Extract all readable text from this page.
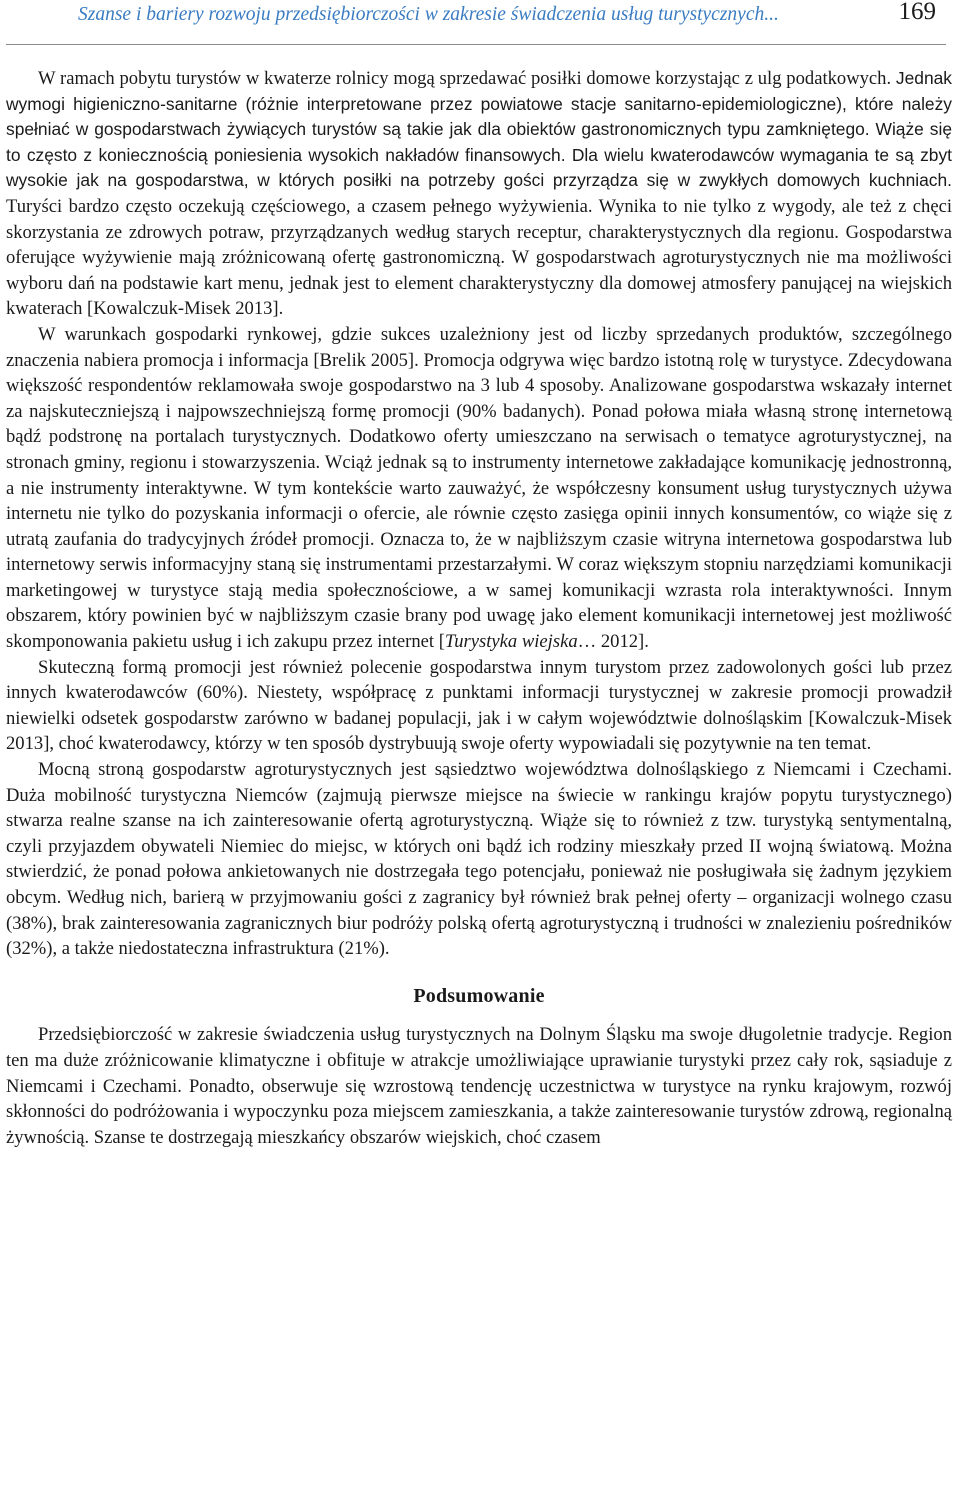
Szanse i bariery rozwoju przedsiębiorczości w zakresie świadczenia usług turystycznych...	169

W ramach pobytu turystów w kwaterze rolnicy mogą sprzedawać posiłki domowe korzystając z ulg podatkowych. Jednak wymogi higieniczno-sanitarne (różnie interpretowane przez powiatowe stacje sanitarno-epidemiologiczne), które należy spełniać w gospodarstwach żywiących turystów są takie jak dla obiektów gastronomicznych typu zamkniętego. Wiąże się to często z koniecznością poniesienia wysokich nakładów finansowych. Dla wielu kwaterodawców wymagania te są zbyt wysokie jak na gospodarstwa, w których posiłki na potrzeby gości przyrządza się w zwykłych domowych kuchniach. Turyści bardzo często oczekują częściowego, a czasem pełnego wyżywienia. Wynika to nie tylko z wygody, ale też z chęci skorzystania ze zdrowych potraw, przyrządzanych według starych receptur, charakterystycznych dla regionu. Gospodarstwa oferujące wyżywienie mają zróżnicowaną ofertę gastronomiczną. W gospodarstwach agroturystycznych nie ma możliwości wyboru dań na podstawie kart menu, jednak jest to element charakterystyczny dla domowej atmosfery panującej na wiejskich kwaterach [Kowalczuk-Misek 2013].

W warunkach gospodarki rynkowej, gdzie sukces uzależniony jest od liczby sprzedanych produktów, szczególnego znaczenia nabiera promocja i informacja [Brelik 2005]. Promocja odgrywa więc bardzo istotną rolę w turystyce. Zdecydowana większość respondentów reklamowała swoje gospodarstwo na 3 lub 4 sposoby. Analizowane gospodarstwa wskazały internet za najskuteczniejszą i najpowszechniejszą formę promocji (90% badanych). Ponad połowa miała własną stronę internetową bądź podstronę na portalach turystycznych. Dodatkowo oferty umieszczano na serwisach o tematyce agroturystycznej, na stronach gminy, regionu i stowarzyszenia. Wciąż jednak są to instrumenty internetowe zakładające komunikację jednostronną, a nie instrumenty interaktywne. W tym kontekście warto zauważyć, że współczesny konsument usług turystycznych używa internetu nie tylko do pozyskania informacji o ofercie, ale równie często zasięga opinii innych konsumentów, co wiąże się z utratą zaufania do tradycyjnych źródeł promocji. Oznacza to, że w najbliższym czasie witryna internetowa gospodarstwa lub internetowy serwis informacyjny staną się instrumentami przestarzałymi. W coraz większym stopniu narzędziami komunikacji marketingowej w turystyce stają media społecznościowe, a w samej komunikacji wzrasta rola interaktywności. Innym obszarem, który powinien być w najbliższym czasie brany pod uwagę jako element komunikacji internetowej jest możliwość skomponowania pakietu usług i ich zakupu przez internet [Turystyka wiejska… 2012].

Skuteczną formą promocji jest również polecenie gospodarstwa innym turystom przez zadowolonych gości lub przez innych kwaterodawców (60%). Niestety, współpracę z punktami informacji turystycznej w zakresie promocji prowadził niewielki odsetek gospodarstw zarówno w badanej populacji, jak i w całym województwie dolnośląskim [Kowalczuk-Misek 2013], choć kwaterodawcy, którzy w ten sposób dystrybuują swoje oferty wypowiadali się pozytywnie na ten temat.

Mocną stroną gospodarstw agroturystycznych jest sąsiedztwo województwa dolnośląskiego z Niemcami i Czechami. Duża mobilność turystyczna Niemców (zajmują pierwsze miejsce na świecie w rankingu krajów popytu turystycznego) stwarza realne szanse na ich zainteresowanie ofertą agroturystyczną. Wiąże się to również z tzw. turystyką sentymentalną, czyli przyjazdem obywateli Niemiec do miejsc, w których oni bądź ich rodziny mieszkały przed II wojną światową. Można stwierdzić, że ponad połowa ankietowanych nie dostrzegała tego potencjału, ponieważ nie posługiwała się żadnym językiem obcym. Według nich, barierą w przyjmowaniu gości z zagranicy był również brak pełnej oferty – organizacji wolnego czasu (38%), brak zainteresowania zagranicznych biur podróży polską ofertą agroturystyczną i trudności w znalezieniu pośredników (32%), a także niedostateczna infrastruktura (21%).

Podsumowanie

Przedsiębiorczość w zakresie świadczenia usług turystycznych na Dolnym Śląsku ma swoje długoletnie tradycje. Region ten ma duże zróżnicowanie klimatyczne i obfituje w atrakcje umożliwiające uprawianie turystyki przez cały rok, sąsiaduje z Niemcami i Czechami. Ponadto, obserwuje się wzrostową tendencję uczestnictwa w turystyce na rynku krajowym, rozwój skłonności do podróżowania i wypoczynku poza miejscem zamieszkania, a także zainteresowanie turystów zdrową, regionalną żywnością. Szanse te dostrzegają mieszkańcy obszarów wiejskich, choć czasem
